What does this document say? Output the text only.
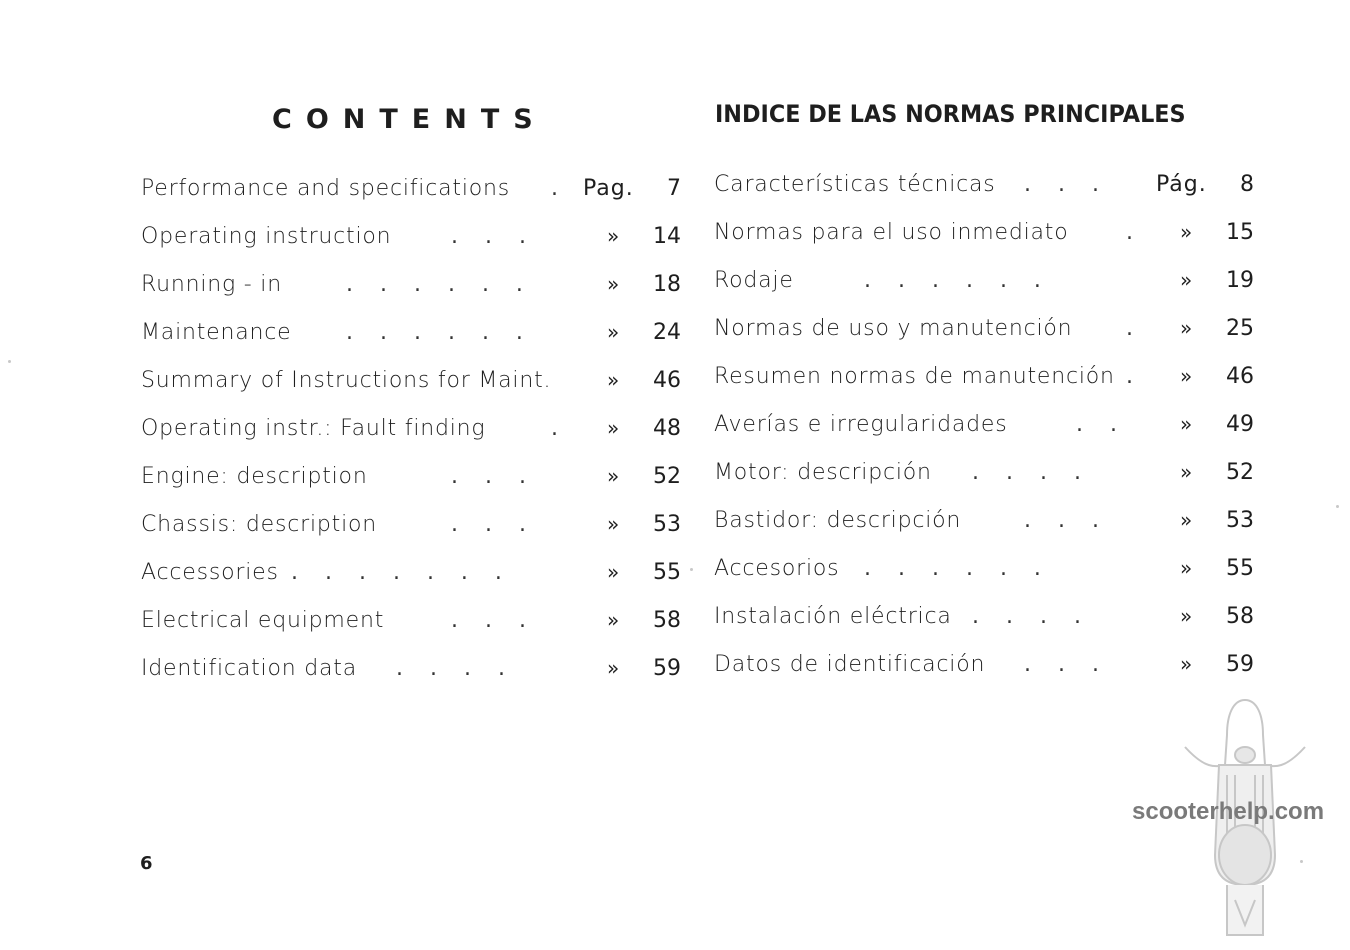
CONTENTS	INDICE DE LAS NORMAS PRINCIPALES
Performance and specifications . Pag.	7
Operating instruction	. . .	»	14
Running - in	. . . . . .	»	18
Maintenance . . . . . .	»	24
Summary of Instructions for Maint.	»	46
Operating instr.: Fault finding	. »	48
Engine: description	. . .	»	52
Chassis: description	. . .	»	53
Accessories . . . . . . .	»	55
Electrical equipment	. . .	»	58
Identification data . . . .	»	59
Características técnicas . . . Pág.	8
Normas para el uso inmediato	. »	15
Rodaje	. . . . . .	»	19
Normas de uso y manutención . »	25
Resumen normas de manutención . »	46
Averías e irregularidades	. .	»	49
Motor: descripción . . . .	»	52
Bastidor: descripción	. . .	»	53
Accesorios . . . . . .	»	55
Instalación eléctrica . . . .	»	58
Datos de identificación . . .	»	59
6
scooterhelp.com
